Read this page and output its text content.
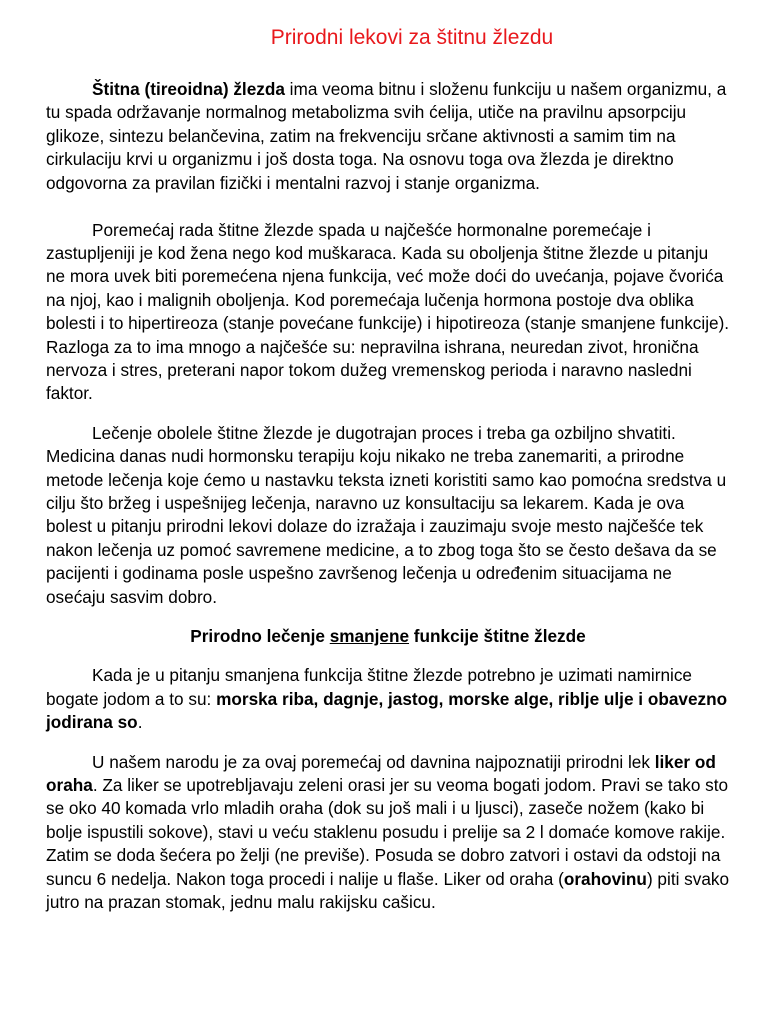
Prirodni lekovi za štitnu žlezdu

Štitna (tireoidna) žlezda ima veoma bitnu i složenu funkciju u našem organizmu, a tu spada održavanje normalnog metabolizma svih ćelija, utiče na pravilnu apsorpciju glikoze, sintezu belančevina, zatim na frekvenciju srčane aktivnosti a samim tim na cirkulaciju krvi u organizmu i još dosta toga. Na osnovu toga ova žlezda je direktno odgovorna za pravilan fizički i mentalni razvoj i stanje organizma.

Poremećaj rada štitne žlezde spada u najčešće hormonalne poremećaje i zastupljeniji je kod žena nego kod muškaraca. Kada su oboljenja štitne žlezde u pitanju ne mora uvek biti poremećena njena funkcija, već može doći do uvećanja, pojave čvorića na njoj, kao i malignih oboljenja. Kod poremećaja lučenja hormona postoje dva oblika bolesti i to hipertireoza (stanje povećane funkcije) i hipotireoza (stanje smanjene funkcije). Razloga za to ima mnogo a najčešće su: nepravilna ishrana, neuredan zivot, hronična nervoza i stres, preterani napor tokom dužeg vremenskog perioda i naravno nasledni faktor.

Lečenje obolele štitne žlezde je dugotrajan proces i treba ga ozbiljno shvatiti. Medicina danas nudi hormonsku terapiju koju nikako ne treba zanemariti, a prirodne metode lečenja koje ćemo u nastavku teksta izneti koristiti samo kao pomoćna sredstva u cilju što bržeg i uspešnijeg lečenja, naravno uz konsultaciju sa lekarem. Kada je ova bolest u pitanju prirodni lekovi dolaze do izražaja i zauzimaju svoje mesto najčešće tek nakon lečenja uz pomoć savremene medicine, a to zbog toga što se često dešava da se pacijenti i godinama posle uspešno završenog lečenja u određenim situacijama ne osećaju sasvim dobro.

Prirodno lečenje smanjene funkcije štitne žlezde

Kada je u pitanju smanjena funkcija štitne žlezde potrebno je uzimati namirnice bogate jodom a to su: morska riba, dagnje, jastog, morske alge, riblje ulje i obavezno jodirana so.

U našem narodu je za ovaj poremećaj od davnina najpoznatiji prirodni lek liker od oraha. Za liker se upotrebljavaju zeleni orasi jer su veoma bogati jodom. Pravi se tako sto se oko 40 komada vrlo mladih oraha (dok su još mali i u ljusci), zaseče nožem (kako bi bolje ispustili sokove), stavi u veću staklenu posudu i prelije sa 2 l domaće komove rakije. Zatim se doda šećera po želji (ne previše). Posuda se dobro zatvori i ostavi da odstoji na suncu 6 nedelja. Nakon toga procedi i nalije u flaše. Liker od oraha (orahovinu) piti svako jutro na prazan stomak, jednu malu rakijsku cašicu.
